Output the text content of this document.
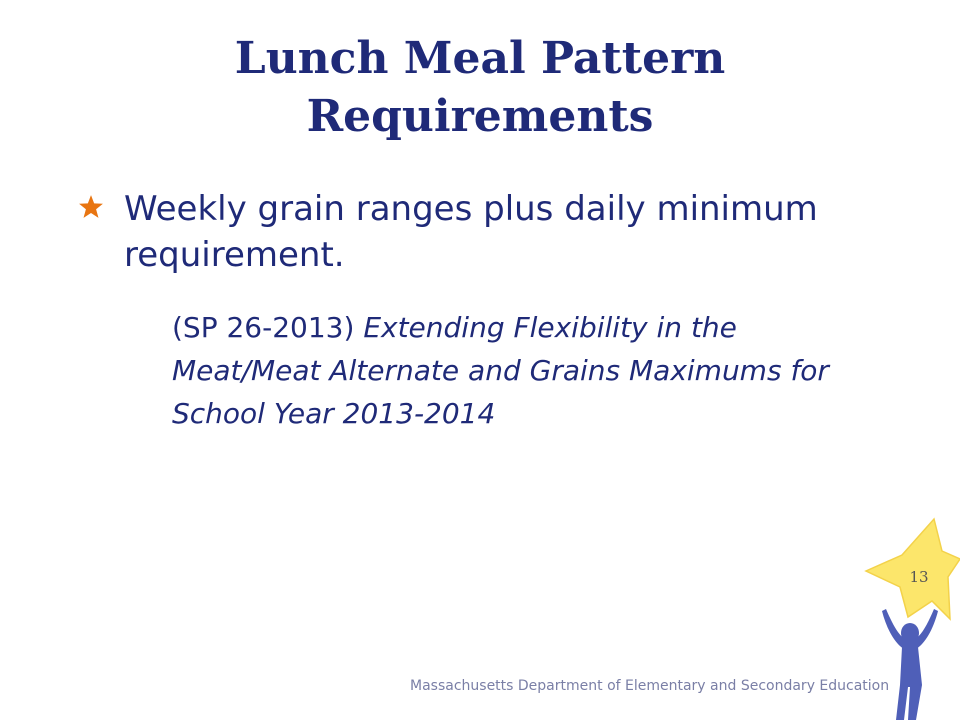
Lunch Meal Pattern Requirements
Weekly grain ranges plus daily minimum requirement.
(SP 26-2013) Extending Flexibility in the Meat/Meat Alternate and Grains Maximums for School Year 2013-2014
Massachusetts Department of Elementary and Secondary Education
13
